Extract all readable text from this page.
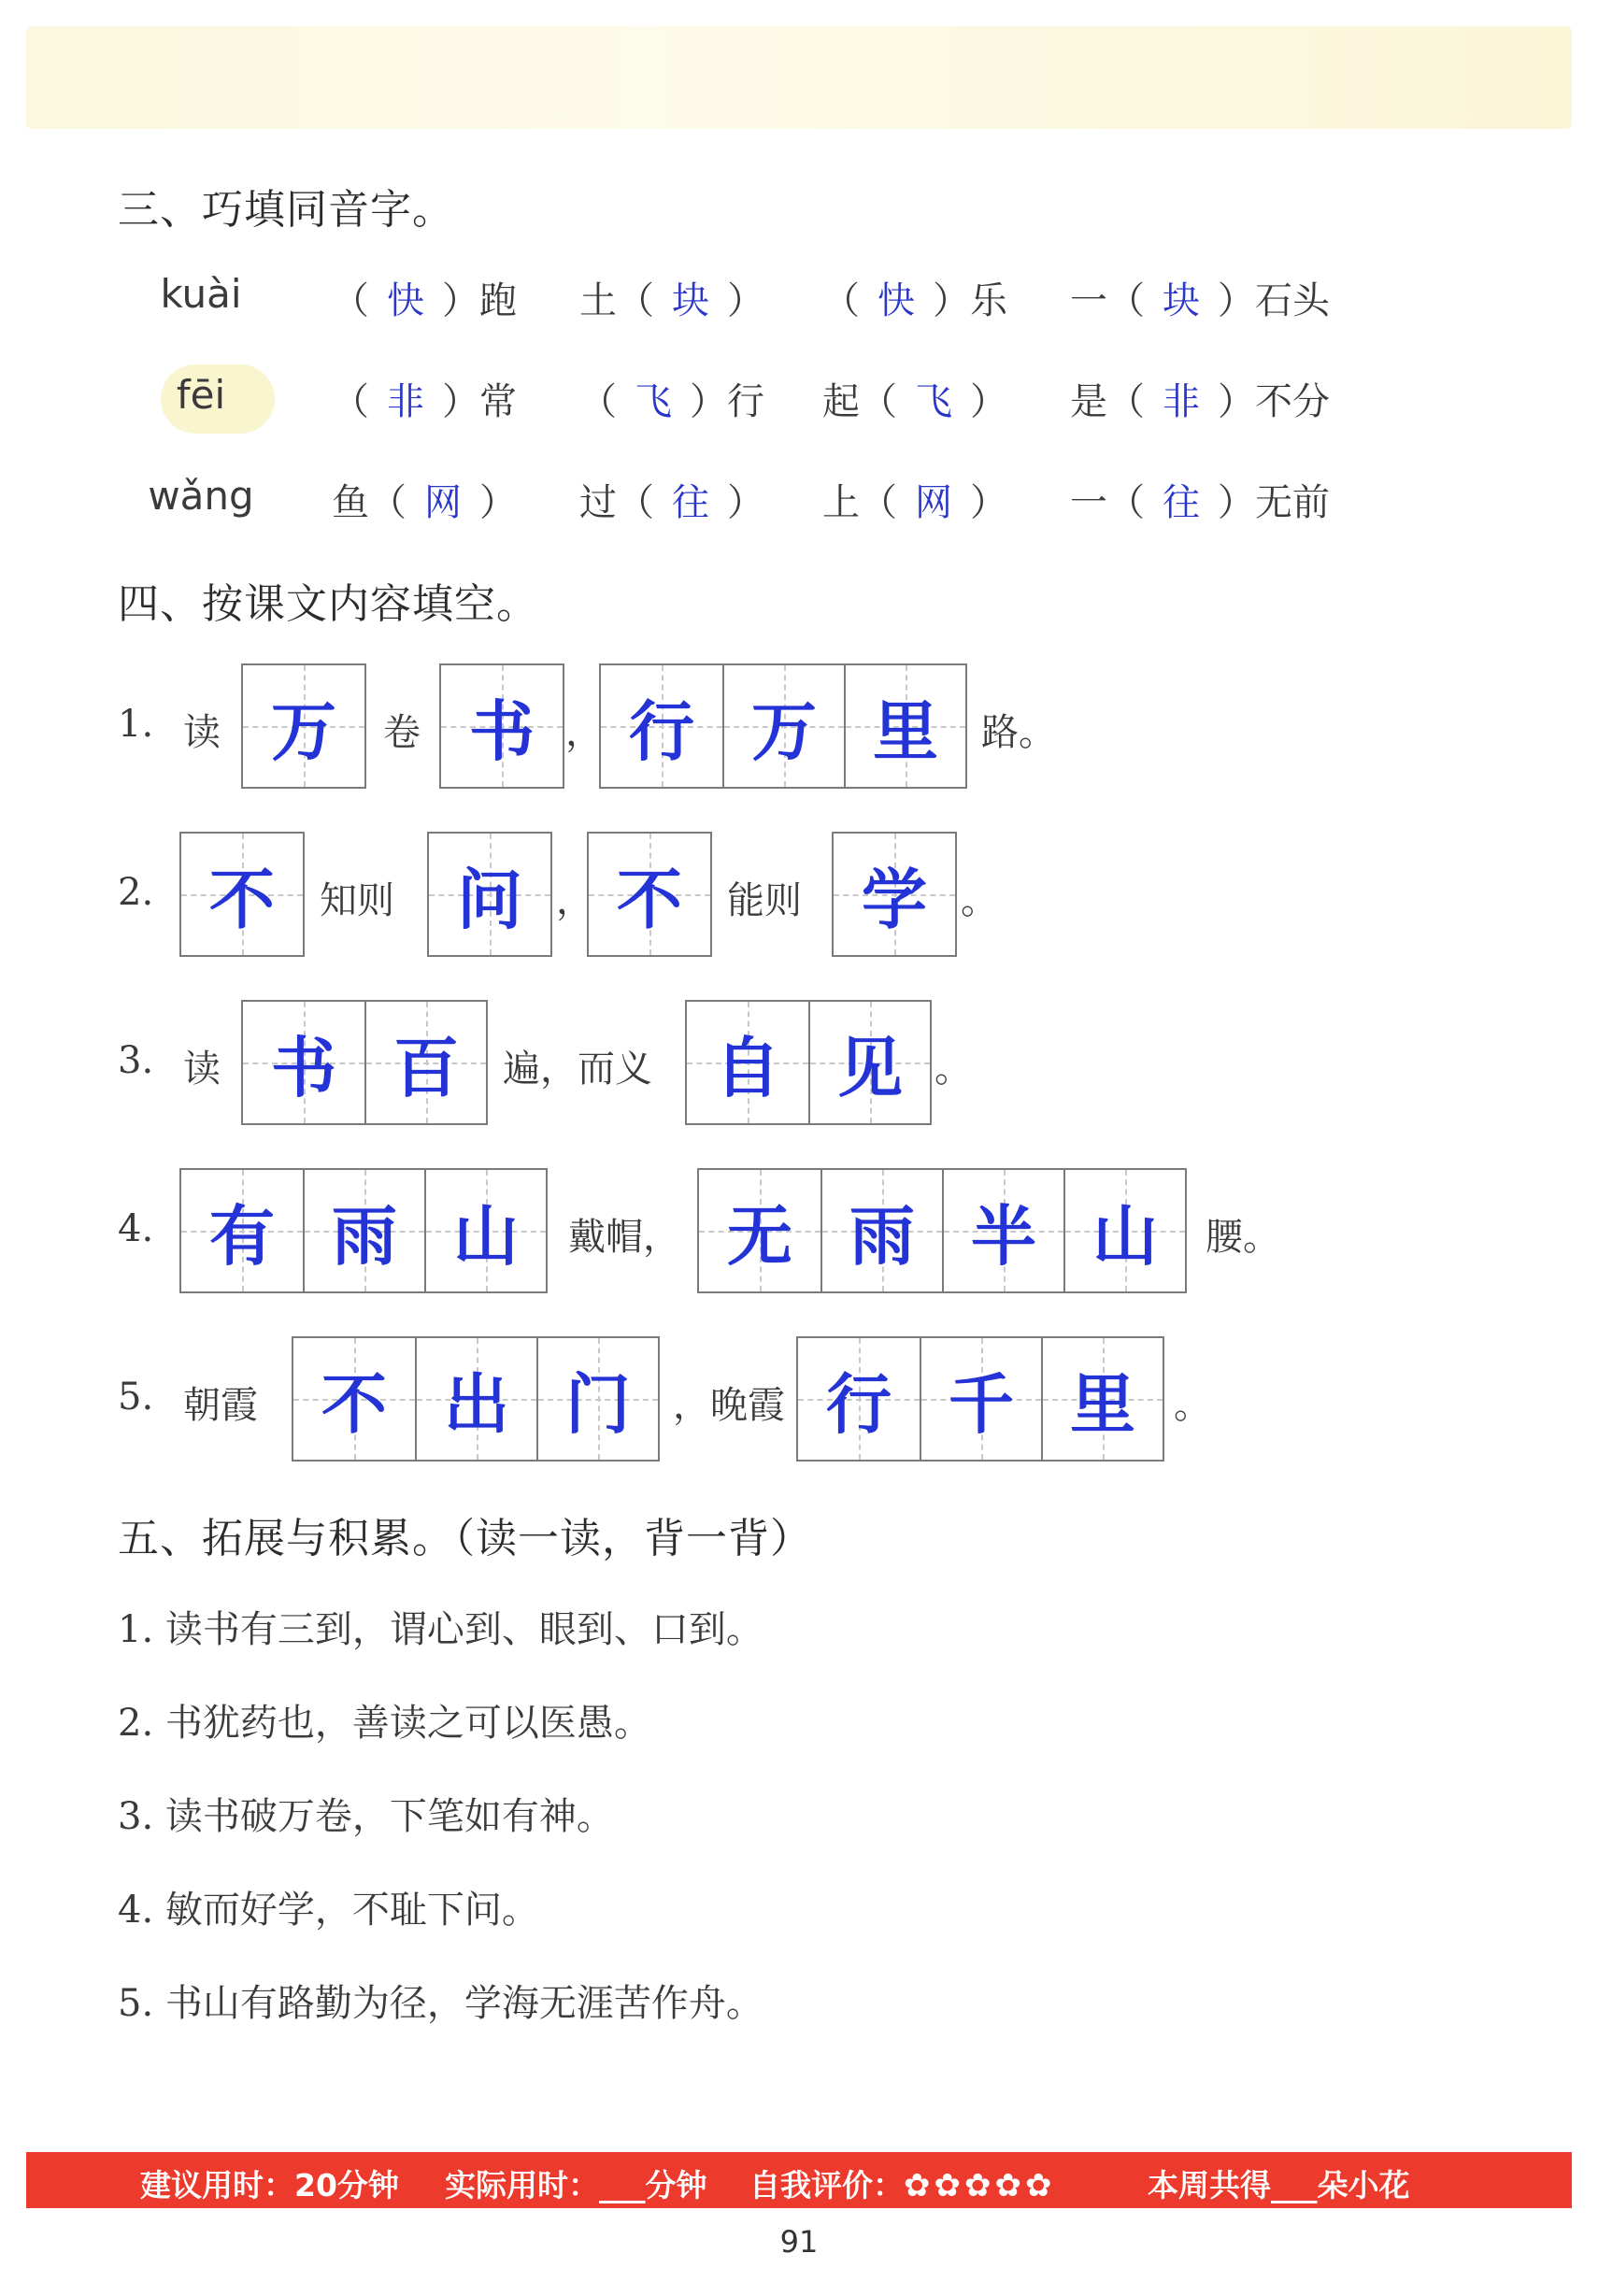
三、巧填同音字。
kuài	（ 快 ）跑 土（ 块 ） （ 快 ）乐 一（ 块 ）石头
fēi	（ 非 ）常 （ 飞 ）行 起（ 飞 ） 是（ 非 ）不分
wǎng 鱼（ 网 ） 过（ 往 ） 上（ 网 ） 一（ 往 ）无前
四、按课文内容填空。
1. 读 万 卷 书 ， 行 万 里 路。
2. 不 知则 问 ， 不 能则 学 。
3. 读 书 百 遍，而义 自 见 。
4. 有 雨 山 戴帽， 无 雨 半 山 腰。
5. 朝霞 不 出 门 ，晚霞 行 千 里 。
五、拓展与积累。（读一读，背一背）
1. 读书有三到，谓心到、眼到、口到。
2. 书犹药也，善读之可以医愚。
3. 读书破万卷，下笔如有神。
4. 敏而好学，不耻下问。
5. 书山有路勤为径，学海无涯苦作舟。
建议用时：20分钟 实际用时：___分钟 自我评价：✿ ✿ ✿ ✿ ✿	本周共得___朵小花
91
